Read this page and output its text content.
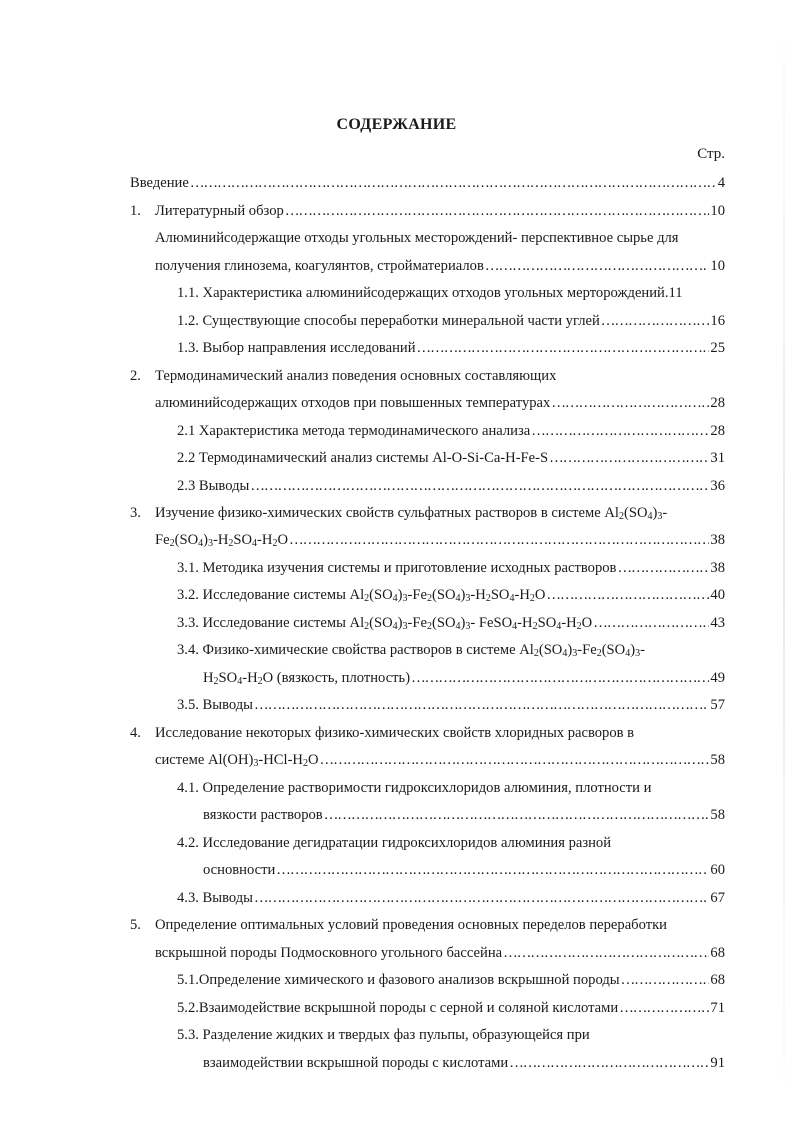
СОДЕРЖАНИЕ
Стр.
Введение ……………………………………………………………………………………………………………………………………………………………………	4
1. Литературный обзор ……………………………………………………………………………………………………………………………………………………………………	10
Алюминийсодержащие отходы угольных месторождений- перспективное сырье для
получения глинозема, коагулянтов, стройматериалов ……………………………………………………………………………………………………………………………………………………………………	10
1.1. Характеристика алюминийсодержащих отходов угольных мерторождений. 11
1.2. Существующие способы переработки минеральной части углей ……………………………………………………………………………………………………………………………………………………………………	16
1.3. Выбор направления исследований ……………………………………………………………………………………………………………………………………………………………………	25
2. Термодинамический анализ поведения основных составляющих
алюминийсодержащих отходов при повышенных температурах ……………………………………………………………………………………………………………………………………………………………………	28
2.1 Характеристика метода термодинамического анализа ……………………………………………………………………………………………………………………………………………………………………	28
2.2 Термодинамический анализ системы Al-O-Si-Ca-H-Fe-S ……………………………………………………………………………………………………………………………………………………………………	31
2.3 Выводы ……………………………………………………………………………………………………………………………………………………………………	36
3. Изучение физико-химических свойств сульфатных растворов в системе $Al_2(SO_4)_3-$
$Fe_2(SO_4)_3-H_2SO_4-H_2O$ ……………………………………………………………………………………………………………………………………………………………………	38
3.1. Методика изучения системы и приготовление исходных растворов ……………………………………………………………………………………………………………………………………………………………………	38
3.2. Исследование системы $Al_2(SO_4)_3-Fe_2(SO_4)_3-H_2SO_4-H_2O$ ……………………………………………………………………………………………………………………………………………………………………	40
3.3. Исследование системы $Al_2(SO_4)_3-Fe_2(SO_4)_3-$ $FeSO_4-H_2SO_4-H_2O$ ……………………………………………………………………………………………………………………………………………………………………	43
3.4. Физико-химические свойства растворов в системе $Al_2(SO_4)_3-Fe_2(SO_4)_3-$
$H_2SO_4-H_2O$ (вязкость, плотность) ……………………………………………………………………………………………………………………………………………………………………	49
3.5. Выводы ……………………………………………………………………………………………………………………………………………………………………	57
4. Исследование некоторых физико-химических свойств хлоридных расворов в
системе $Al(OH)_3-HCl-H_2O$ ……………………………………………………………………………………………………………………………………………………………………	58
4.1. Определение растворимости гидроксихлоридов алюминия, плотности и
вязкости растворов ……………………………………………………………………………………………………………………………………………………………………	58
4.2. Исследование дегидратации гидроксихлоридов алюминия разной
основности ……………………………………………………………………………………………………………………………………………………………………	60
4.3. Выводы ……………………………………………………………………………………………………………………………………………………………………	67
5. Определение оптимальных условий проведения основных переделов переработки
вскрышной породы Подмосковного угольного бассейна ……………………………………………………………………………………………………………………………………………………………………	68
5.1.Определение химического и фазового анализов вскрышной породы ……………………………………………………………………………………………………………………………………………………………………	68
5.2.Взаимодействие вскрышной породы с серной и соляной кислотами ……………………………………………………………………………………………………………………………………………………………………	71
5.3. Разделение жидких и твердых фаз пульпы, образующейся при
взаимодействии вскрышной породы с кислотами ……………………………………………………………………………………………………………………………………………………………………	91
